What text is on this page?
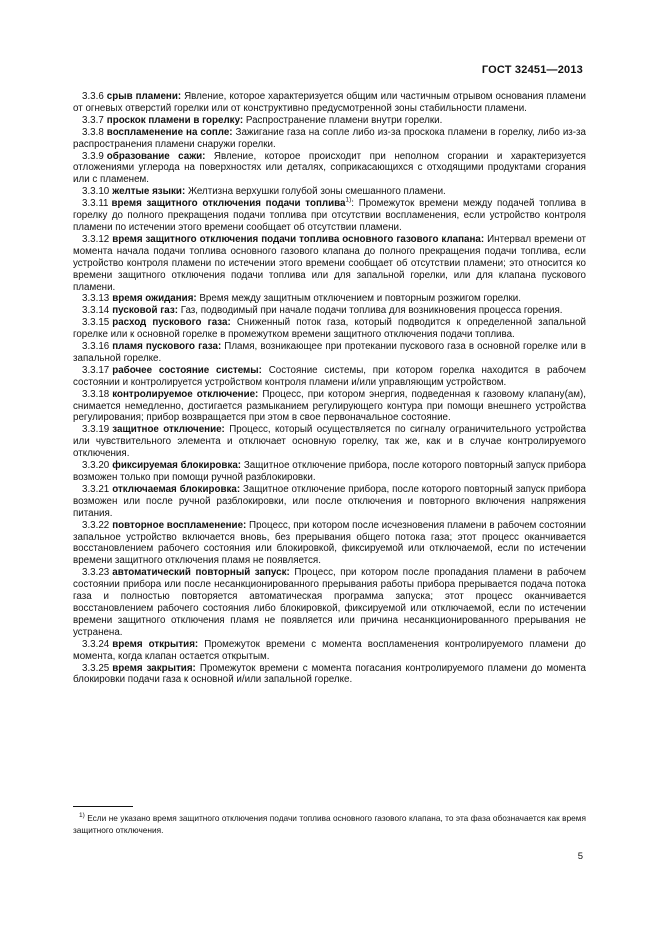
ГОСТ 32451—2013

3.3.6 срыв пламени: Явление, которое характеризуется общим или частичным отрывом основания пламени от огневых отверстий горелки или от конструктивно предусмотренной зоны стабильности пламени.

3.3.7 проскок пламени в горелку: Распространение пламени внутри горелки.

3.3.8 воспламенение на сопле: Зажигание газа на сопле либо из-за проскока пламени в горелку, либо из-за распространения пламени снаружи горелки.

3.3.9 образование сажи: Явление, которое происходит при неполном сгорании и характеризуется отложениями углерода на поверхностях или деталях, соприкасающихся с отходящими продуктами сгорания или с пламенем.

3.3.10 желтые языки: Желтизна верхушки голубой зоны смешанного пламени.

3.3.11 время защитного отключения подачи топлива$^{1)}$: Промежуток времени между подачей топлива в горелку до полного прекращения подачи топлива при отсутствии воспламенения, если устройство контроля пламени по истечении этого времени сообщает об отсутствии пламени.

3.3.12 время защитного отключения подачи топлива основного газового клапана: Интервал времени от момента начала подачи топлива основного газового клапана до полного прекращения подачи топлива, если устройство контроля пламени по истечении этого времени сообщает об отсутствии пламени; это относится ко времени защитного отключения подачи топлива или для запальной горелки, или для клапана пускового пламени.

3.3.13 время ожидания: Время между защитным отключением и повторным розжигом горелки.

3.3.14 пусковой газ: Газ, подводимый при начале подачи топлива для возникновения процесса горения.

3.3.15 расход пускового газа: Сниженный поток газа, который подводится к определенной запальной горелке или к основной горелке в промежутком времени защитного отключения подачи топлива.

3.3.16 пламя пускового газа: Пламя, возникающее при протекании пускового газа в основной горелке или в запальной горелке.

3.3.17 рабочее состояние системы: Состояние системы, при котором горелка находится в рабочем состоянии и контролируется устройством контроля пламени и/или управляющим устройством.

3.3.18 контролируемое отключение: Процесс, при котором энергия, подведенная к газовому клапану(ам), снимается немедленно, достигается размыканием регулирующего контура при помощи внешнего устройства регулирования; прибор возвращается при этом в свое первоначальное состояние.

3.3.19 защитное отключение: Процесс, который осуществляется по сигналу ограничительного устройства или чувствительного элемента и отключает основную горелку, так же, как и в случае контролируемого отключения.

3.3.20 фиксируемая блокировка: Защитное отключение прибора, после которого повторный запуск прибора возможен только при помощи ручной разблокировки.

3.3.21 отключаемая блокировка: Защитное отключение прибора, после которого повторный запуск прибора возможен или после ручной разблокировки, или после отключения и повторного включения напряжения питания.

3.3.22 повторное воспламенение: Процесс, при котором после исчезновения пламени в рабочем состоянии запальное устройство включается вновь, без прерывания общего потока газа; этот процесс оканчивается восстановлением рабочего состояния или блокировкой, фиксируемой или отключаемой, если по истечении времени защитного отключения пламя не появляется.

3.3.23 автоматический повторный запуск: Процесс, при котором после пропадания пламени в рабочем состоянии прибора или после несанкционированного прерывания работы прибора прерывается подача потока газа и полностью повторяется автоматическая программа запуска; этот процесс оканчивается восстановлением рабочего состояния либо блокировкой, фиксируемой или отключаемой, если по истечении времени защитного отключения пламя не появляется или причина несанкционированного прерывания не устранена.

3.3.24 время открытия: Промежуток времени с момента воспламенения контролируемого пламени до момента, когда клапан остается открытым.

3.3.25 время закрытия: Промежуток времени с момента погасания контролируемого пламени до момента блокировки подачи газа к основной и/или запальной горелке.

$^{1)}$ Если не указано время защитного отключения подачи топлива основного газового клапана, то эта фаза обозначается как время защитного отключения.
5
